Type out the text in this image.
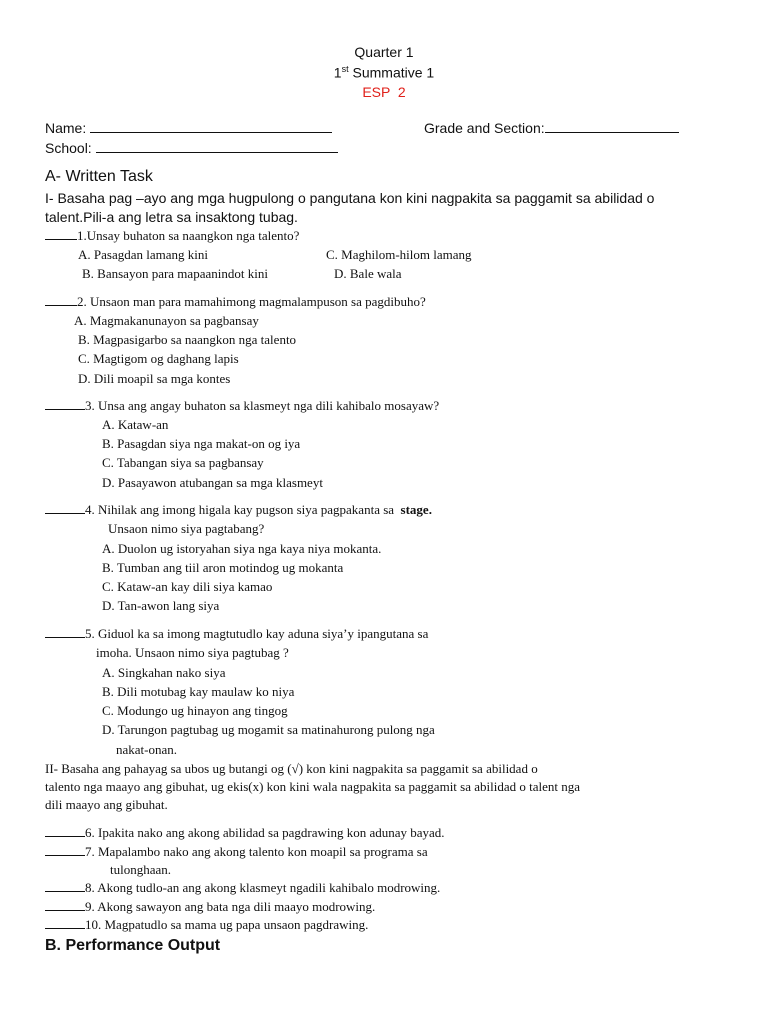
Quarter 1
1st Summative 1
ESP  2
Name:	Grade and Section:
School:
A- Written Task
I- Basaha pag –ayo ang mga hugpulong o pangutana kon kini nagpakita sa paggamit sa abilidad o
talent.Pili-a ang letra sa insaktong tubag.
1.Unsay buhaton sa naangkon nga talento?
A. Pasagdan lamang kini	C. Maghilom-hilom lamang
B. Bansayon para mapaanindot kini	D. Bale wala
2. Unsaon man para mamahimong magmalampuson sa pagdibuho?
A. Magmakanunayon sa pagbansay
B. Magpasigarbo sa naangkon nga talento
C. Magtigom og daghang lapis
D. Dili moapil sa mga kontes
3. Unsa ang angay buhaton sa klasmeyt nga dili kahibalo mosayaw?
A. Kataw-an
B. Pasagdan siya nga makat-on og iya
C. Tabangan siya sa pagbansay
D. Pasayawon atubangan sa mga klasmeyt
4. Nihilak ang imong higala kay pugson siya pagpakanta sa stage.
Unsaon nimo siya pagtabang?
A. Duolon ug istoryahan siya nga kaya niya mokanta.
B. Tumban ang tiil aron motindog ug mokanta
C. Kataw-an kay dili siya kamao
D. Tan-awon lang siya
5. Giduol ka sa imong magtutudlo kay aduna siya’y ipangutana sa
imoha. Unsaon nimo siya pagtubag ?
A. Singkahan nako siya
B. Dili motubag kay maulaw ko niya
C. Modungo ug hinayon ang tingog
D. Tarungon pagtubag ug mogamit sa matinahurong pulong nga
nakat-onan.
II- Basaha ang pahayag sa ubos ug butangi og (√) kon kini nagpakita sa paggamit sa abilidad o
talento nga maayo ang gibuhat, ug ekis(x) kon kini wala nagpakita sa paggamit sa abilidad o talent nga
dili maayo ang gibuhat.
6. Ipakita nako ang akong abilidad sa pagdrawing kon adunay bayad.
7. Mapalambo nako ang akong talento kon moapil sa programa sa
tulonghaan.
8. Akong tudlo-an ang akong klasmeyt ngadili kahibalo modrowing.
9. Akong sawayon ang bata nga dili maayo modrowing.
10. Magpatudlo sa mama ug papa unsaon pagdrawing.
B. Performance Output
